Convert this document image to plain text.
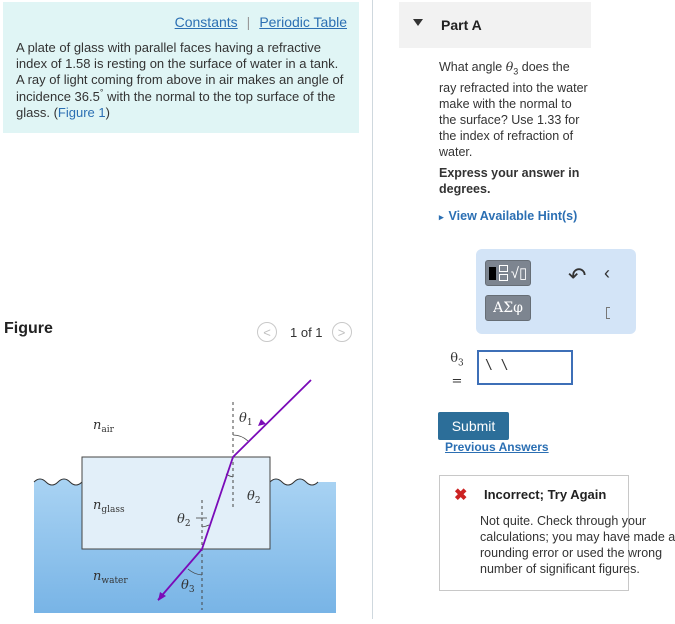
Constants | Periodic Table
A plate of glass with parallel faces having a refractive index of 1.58 is resting on the surface of water in a tank. A ray of light coming from above in air makes an angle of incidence 36.5° with the normal to the top surface of the glass. (Figure 1)
Figure	< 1 of 1 >
$n_{air}$
$n_{glass}$
$n_{water}$
$\theta_1$
$\theta_2$
$\theta_2$
$\theta_3$
Part A
What angle $\theta_3$ does the ray refracted into the water make with the normal to the surface? Use 1.33 for the index of refraction of water.
Express your answer in degrees.
▸ View Available Hint(s)
√▯
ΑΣφ
↶ ‹
$\theta_3$
=
\ \
Submit
Previous Answers
✖ Incorrect; Try Again
Not quite. Check through your
calculations; you may have made a
rounding error or used the wrong
number of significant figures.
